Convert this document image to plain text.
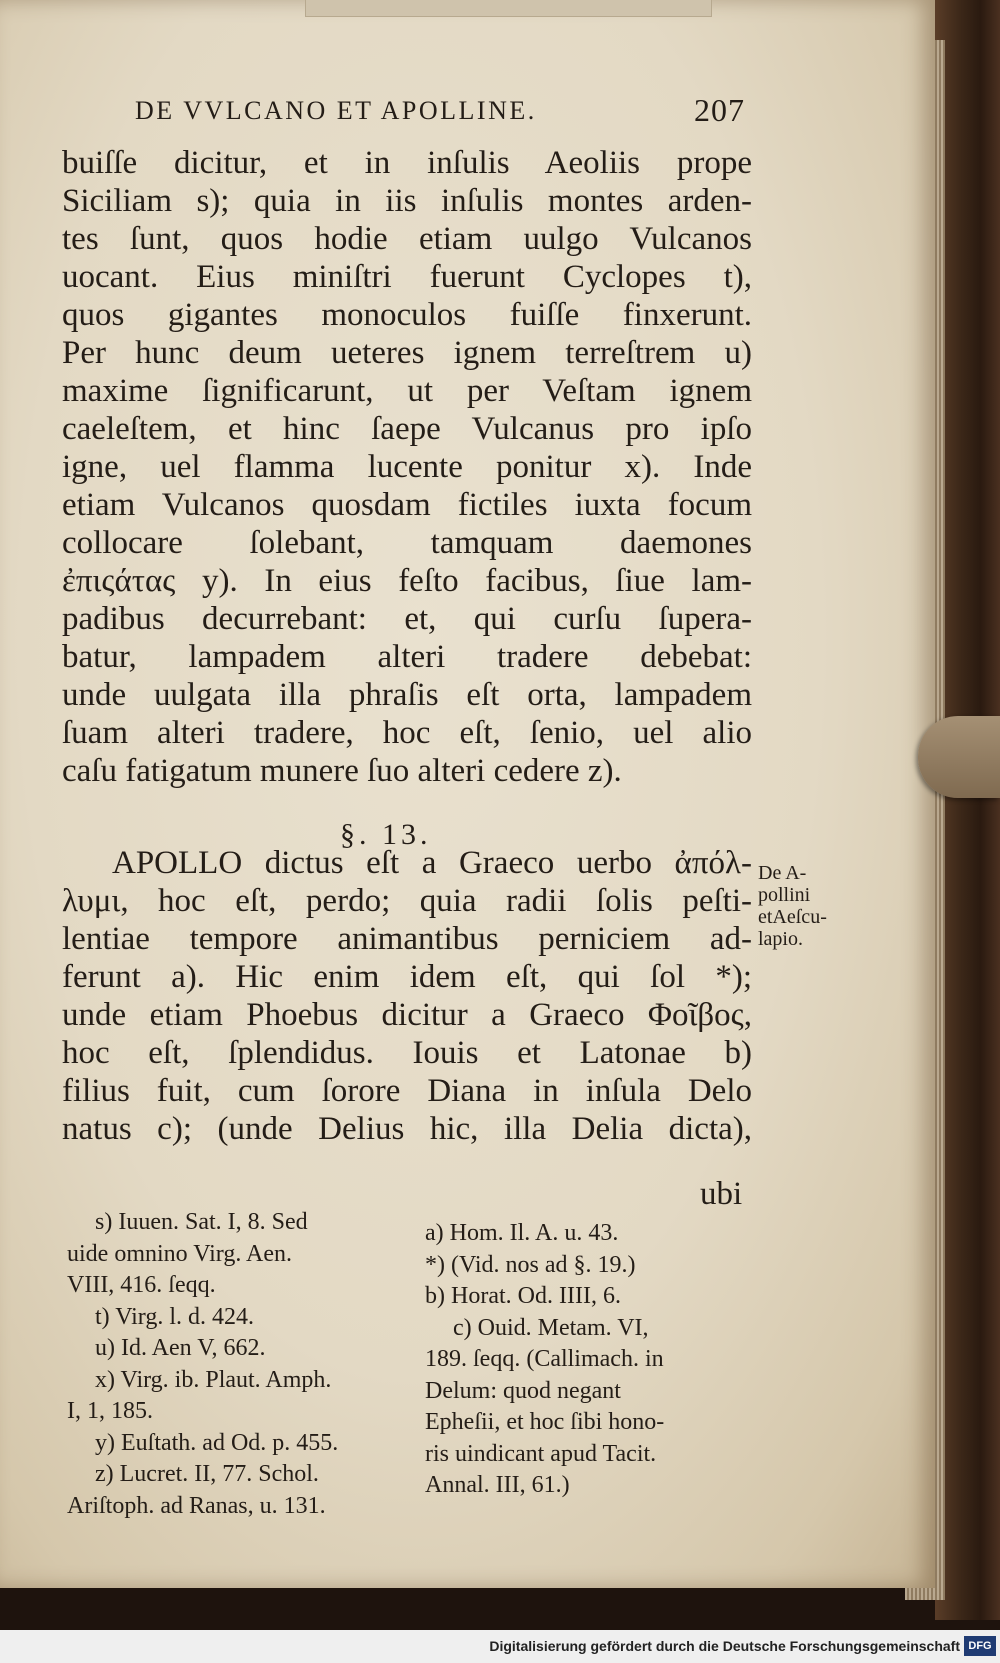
DE VVLCANO ET APOLLINE.	207

buiſſe dicitur, et in inſulis Aeoliis prope

Siciliam s); quia in iis inſulis montes arden-

tes ſunt, quos hodie etiam uulgo Vulcanos

uocant. Eius miniſtri fuerunt Cyclopes t),

quos gigantes monoculos fuiſſe finxerunt.

Per hunc deum ueteres ignem terreſtrem u)

maxime ſignificarunt, ut per Veſtam ignem

caeleſtem, et hinc ſaepe Vulcanus pro ipſo

igne, uel flamma lucente ponitur x). Inde

etiam Vulcanos quosdam fictiles iuxta focum

collocare ſolebant, tamquam daemones

ἐπιςάτας y). In eius feſto facibus, ſiue lam-

padibus decurrebant: et, qui curſu ſupera-

batur, lampadem alteri tradere debebat:

unde uulgata illa phraſis eſt orta, lampadem

ſuam alteri tradere, hoc eſt, ſenio, uel alio

caſu fatigatum munere ſuo alteri cedere z).

APOLLO dictus eſt a Graeco uerbo ἀπόλ-

λυμι, hoc eſt, perdo; quia radii ſolis peſti-

lentiae tempore animantibus perniciem ad-

ferunt a). Hic enim idem eſt, qui ſol *);

unde etiam Phoebus dicitur a Graeco Φοῖβος,

hoc eſt, ſplendidus. Iouis et Latonae b)

filius fuit, cum ſorore Diana in inſula Delo

natus c); (unde Delius hic, illa Delia dicta),

§. 13.
De A-
pollini
etAeſcu-
lapio.
ubi
s) Iuuen. Sat. I, 8. Sed
uide omnino Virg. Aen.
VIII, 416. ſeqq.
t) Virg. l. d. 424.
u) Id. Aen V, 662.
x) Virg. ib. Plaut. Amph.
I, 1, 185.
y) Euſtath. ad Od. p. 455.
z) Lucret. II, 77. Schol.
Ariſtoph. ad Ranas, u. 131.
a) Hom. Il. A. u. 43.
*) (Vid. nos ad §. 19.)
b) Horat. Od. IIII, 6.
c) Ouid. Metam. VI,
189. ſeqq. (Callimach. in
Delum: quod negant
Epheſii, et hoc ſibi hono-
ris uindicant apud Tacit.
Annal. III, 61.)
Digitalisierung gefördert durch die Deutsche Forschungsgemeinschaft DFG
